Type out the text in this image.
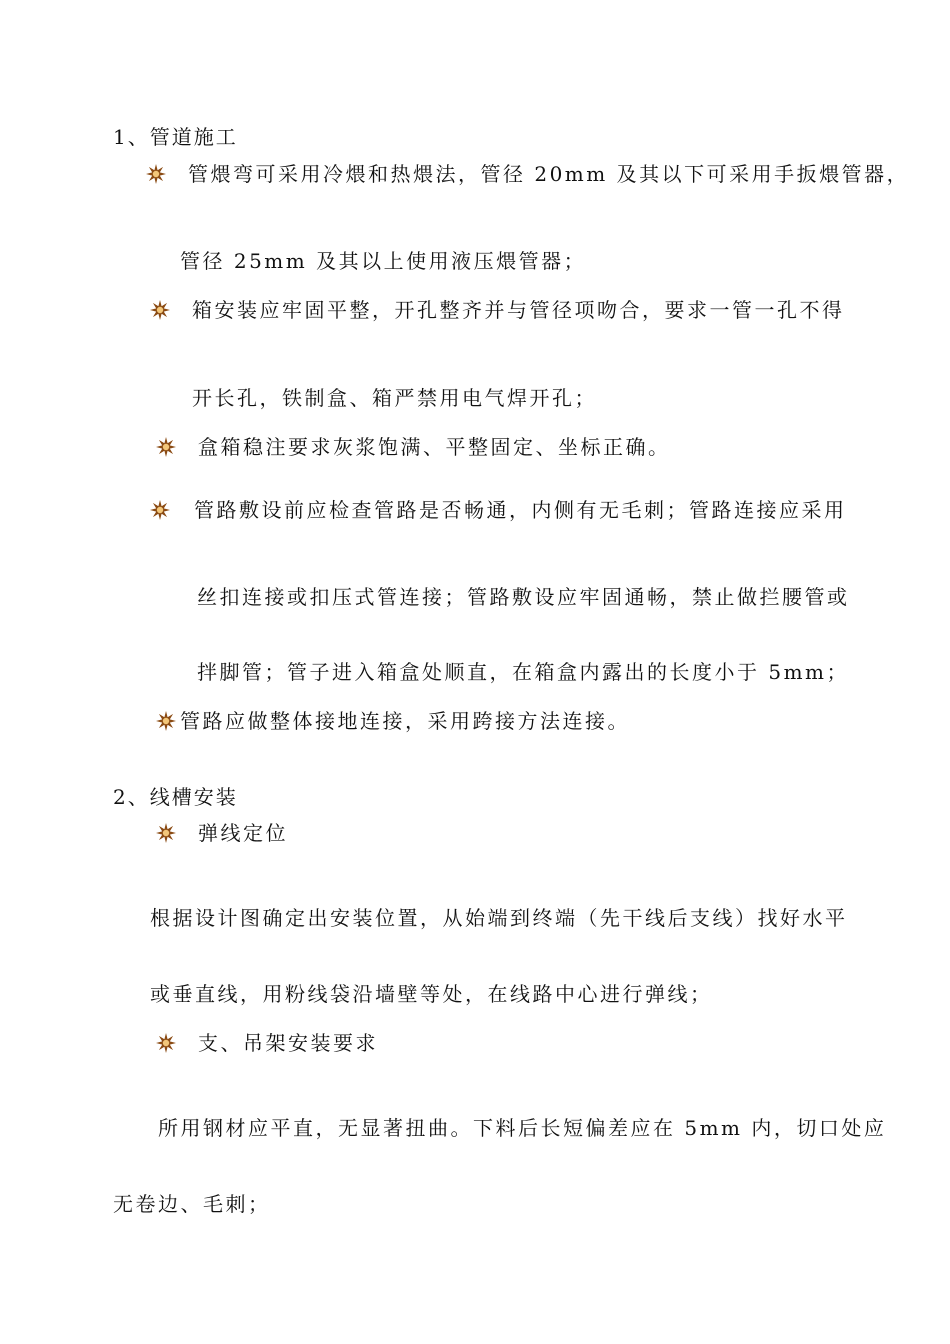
1、管道施工
管煨弯可采用冷煨和热煨法，管径 20mm 及其以下可采用手扳煨管器，
管径 25mm 及其以上使用液压煨管器；
箱安装应牢固平整，开孔整齐并与管径项吻合，要求一管一孔不得
开长孔，铁制盒、箱严禁用电气焊开孔；
盒箱稳注要求灰浆饱满、平整固定、坐标正确。
管路敷设前应检查管路是否畅通，内侧有无毛刺；管路连接应采用
丝扣连接或扣压式管连接；管路敷设应牢固通畅，禁止做拦腰管或
拌脚管；管子进入箱盒处顺直，在箱盒内露出的长度小于 5mm；
管路应做整体接地连接，采用跨接方法连接。
2、线槽安装
弹线定位
根据设计图确定出安装位置，从始端到终端（先干线后支线）找好水平
或垂直线，用粉线袋沿墙壁等处，在线路中心进行弹线；
支、吊架安装要求
所用钢材应平直，无显著扭曲。下料后长短偏差应在 5mm 内，切口处应
无卷边、毛刺；
